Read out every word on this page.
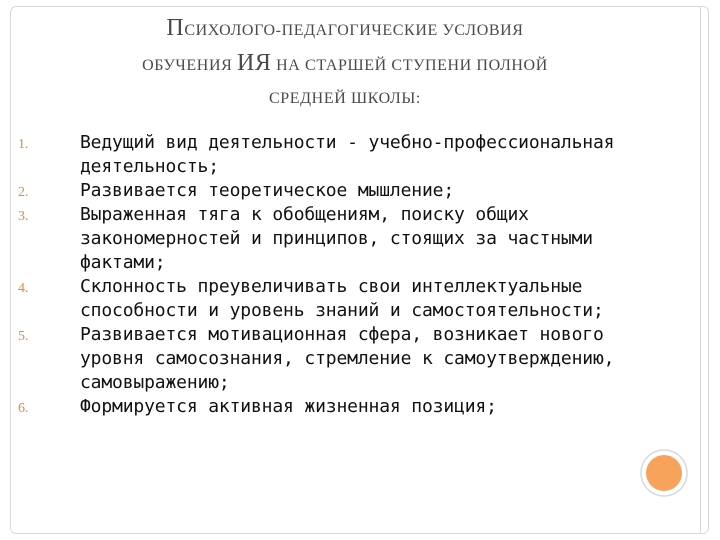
ПСИХОЛОГО-ПЕДАГОГИЧЕСКИЕ УСЛОВИЯ
ОБУЧЕНИЯ ИЯ НА СТАРШЕЙ СТУПЕНИ ПОЛНОЙ
СРЕДНЕЙ ШКОЛЫ:
1.	Ведущий вид деятельности - учебно-профессиональная деятельность;
2.	Развивается теоретическое мышление;
3.	Выраженная тяга к обобщениям, поиску общих закономерностей и принципов, стоящих за частными фактами;
4.	Склонность преувеличивать свои интеллектуальные способности и уровень знаний и самостоятельности;
5.	Развивается мотивационная сфера, возникает нового уровня самосознания, стремление к самоутверждению, самовыражению;
6.	Формируется активная жизненная позиция;
